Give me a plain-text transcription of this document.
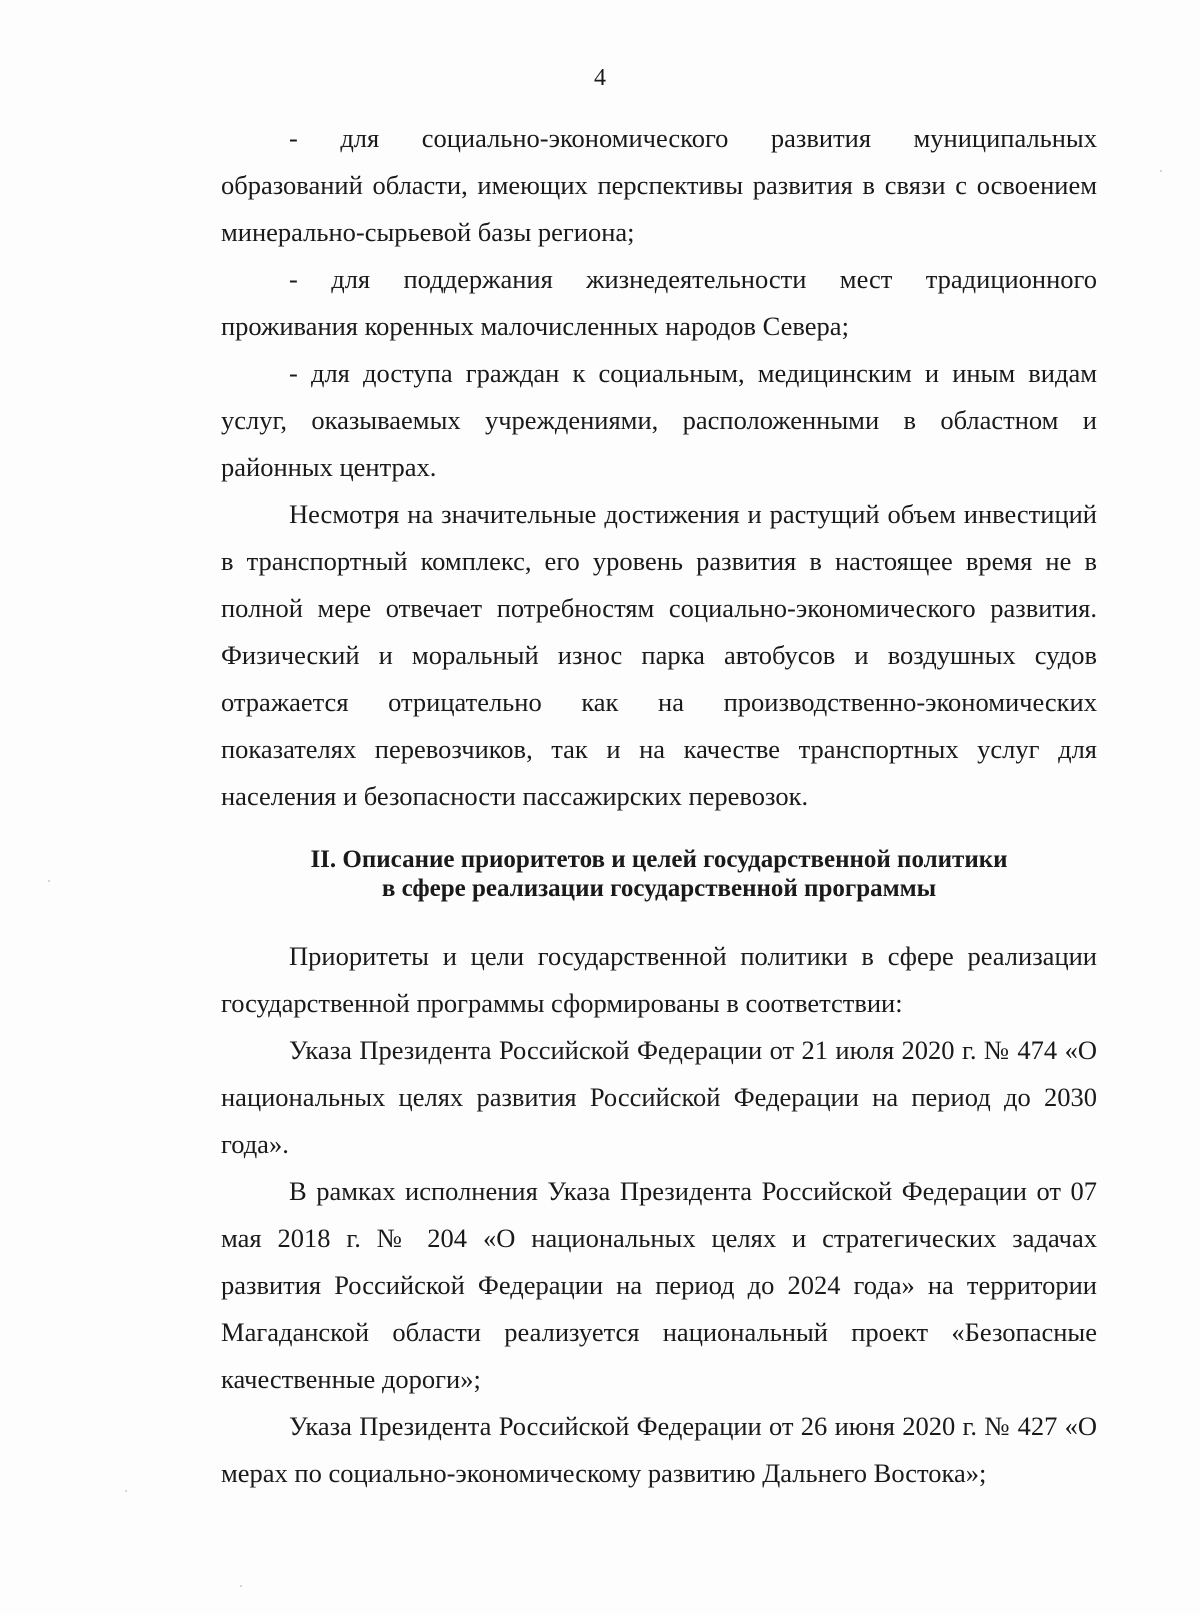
4

- для социально-экономического развития муниципальных образований области, имеющих перспективы развития в связи с освоением минерально-сырьевой базы региона;

- для поддержания жизнедеятельности мест традиционного проживания коренных малочисленных народов Севера;

- для доступа граждан к социальным, медицинским и иным видам услуг, оказываемых учреждениями, расположенными в областном и районных центрах.

Несмотря на значительные достижения и растущий объем инвестиций в транспортный комплекс, его уровень развития в настоящее время не в полной мере отвечает потребностям социально-экономического развития. Физический и моральный износ парка автобусов и воздушных судов отражается отрицательно как на производственно-экономических показателях перевозчиков, так и на качестве транспортных услуг для населения и безопасности пассажирских перевозок.

II. Описание приоритетов и целей государственной политики
в сфере реализации государственной программы

Приоритеты и цели государственной политики в сфере реализации государственной программы сформированы в соответствии:

Указа Президента Российской Федерации от 21 июля 2020 г. № 474 «О национальных целях развития Российской Федерации на период до 2030 года».

В рамках исполнения Указа Президента Российской Федерации от 07 мая 2018 г. № 204 «О национальных целях и стратегических задачах развития Российской Федерации на период до 2024 года» на территории Магаданской области реализуется национальный проект «Безопасные качественные дороги»;

Указа Президента Российской Федерации от 26 июня 2020 г. № 427 «О мерах по социально-экономическому развитию Дальнего Востока»;
